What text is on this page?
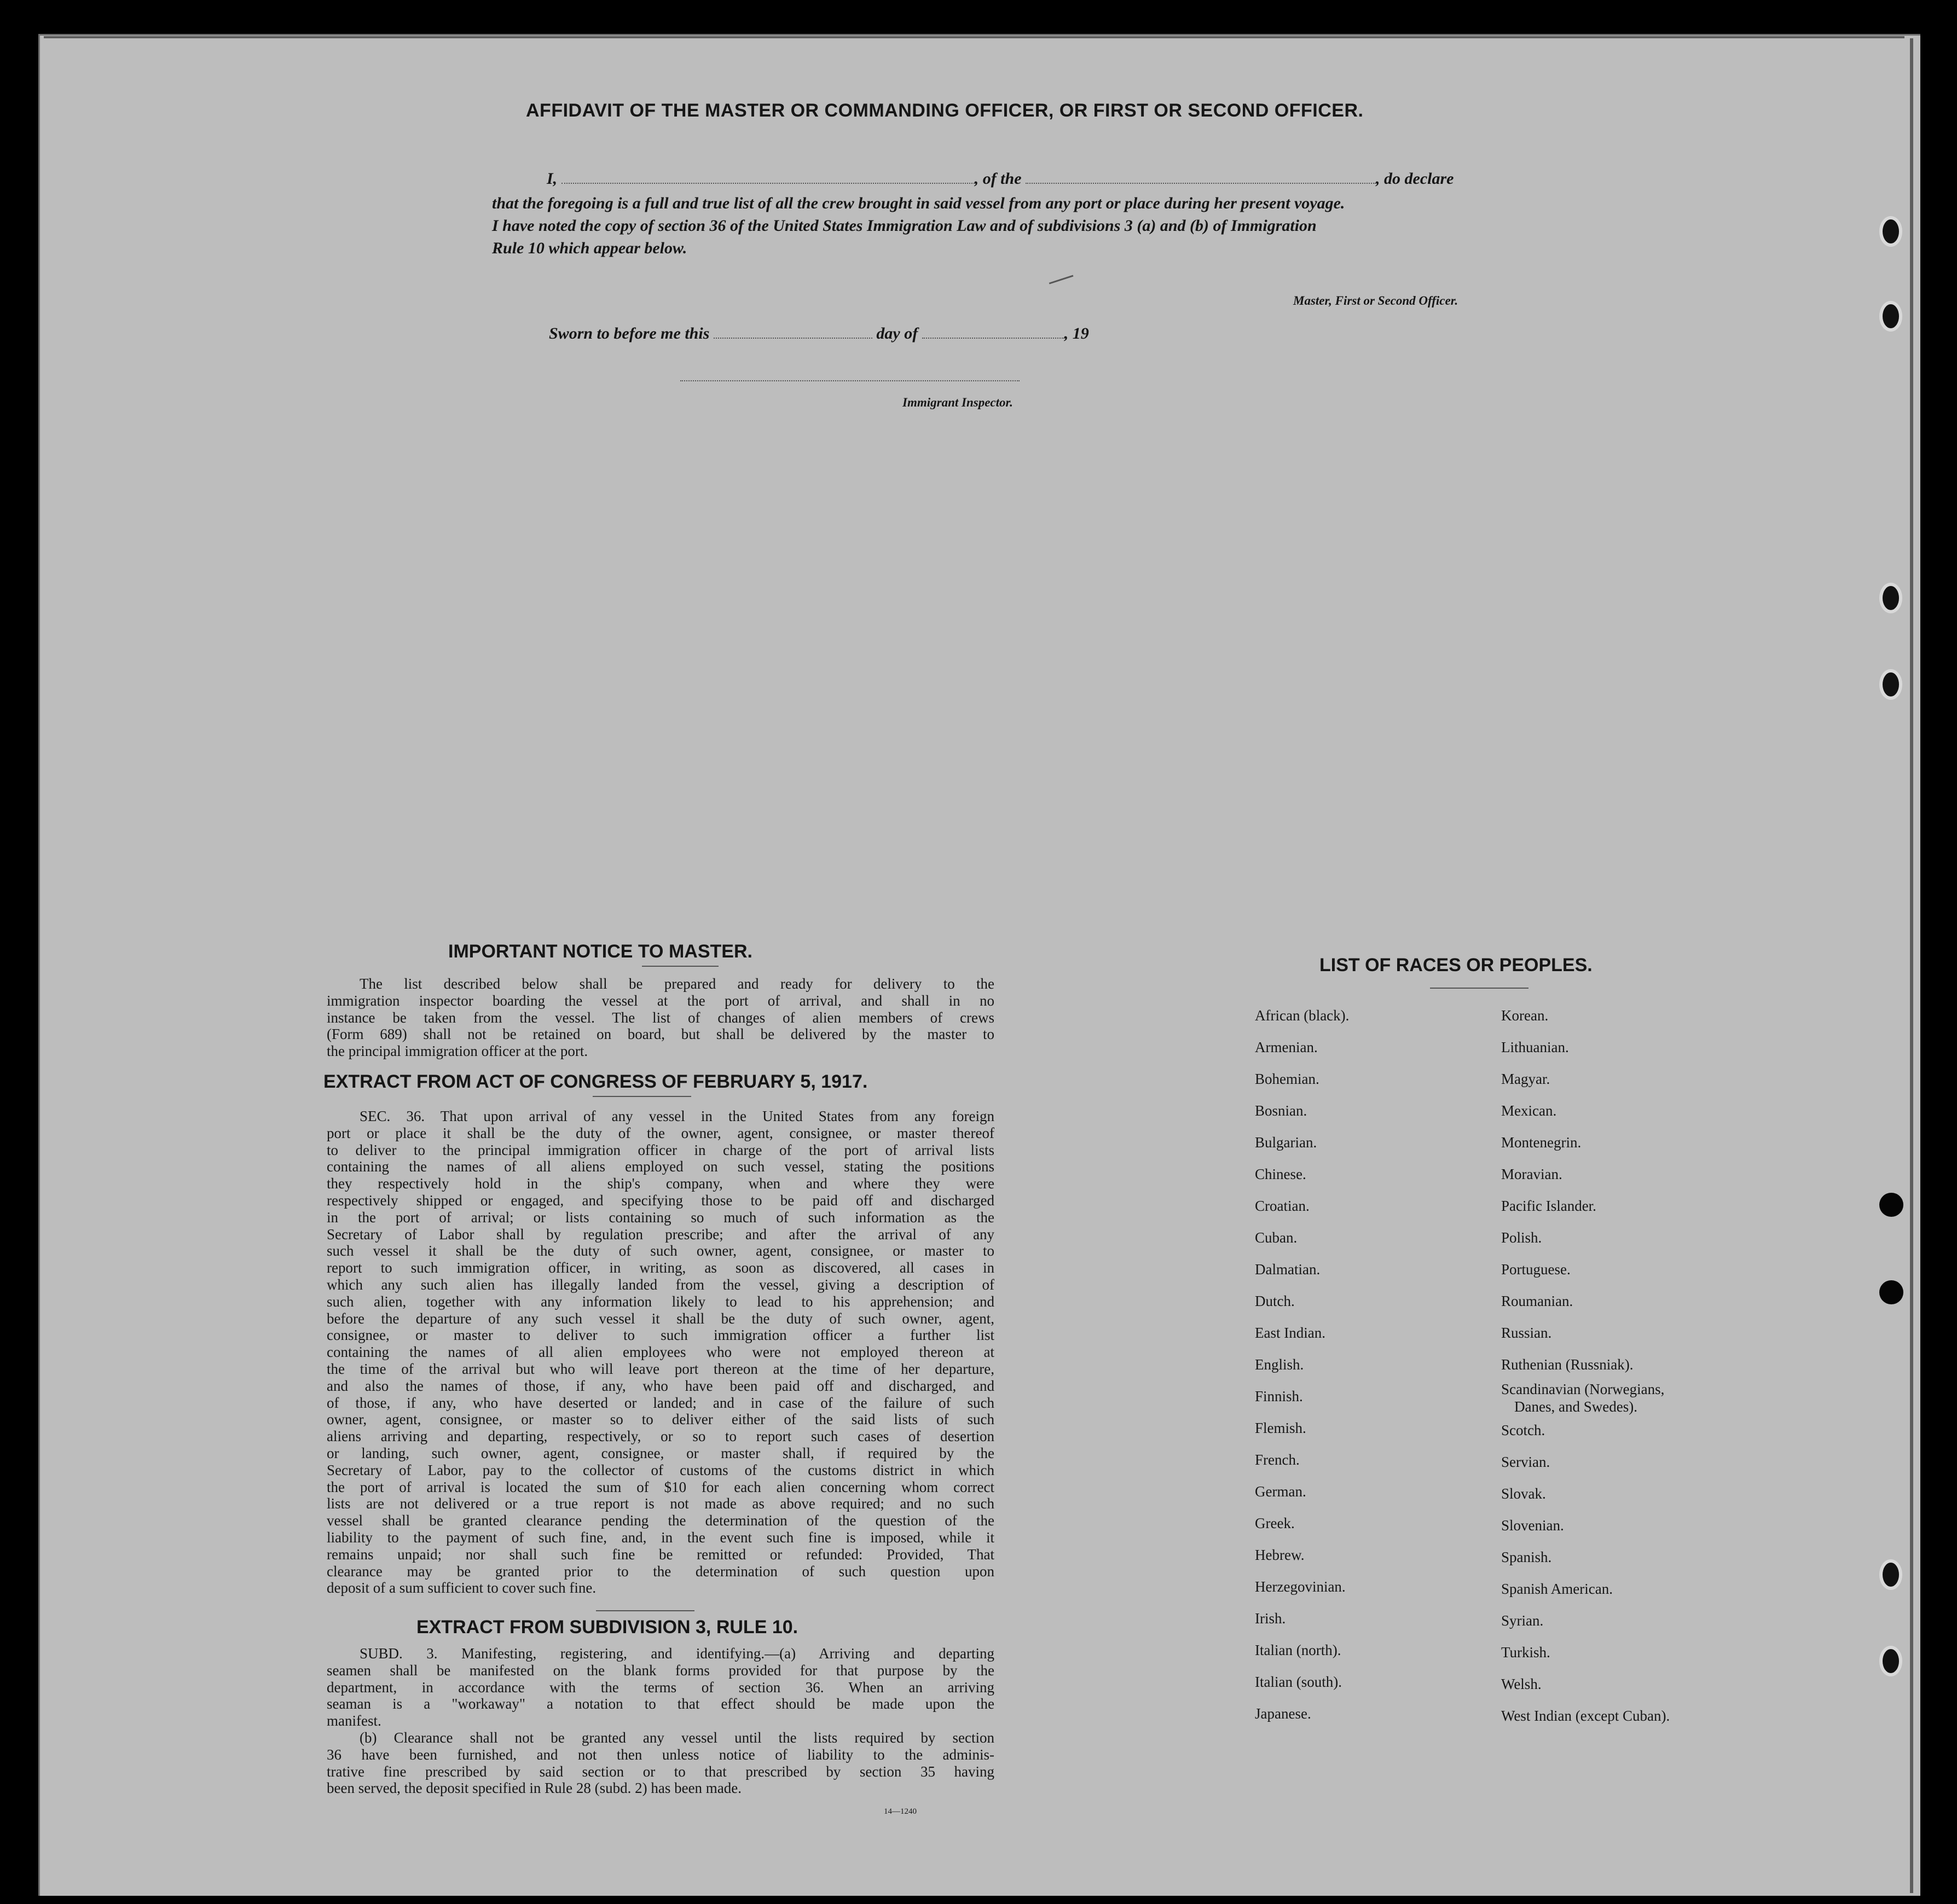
AFFIDAVIT OF THE MASTER OR COMMANDING OFFICER, OR FIRST OR SECOND OFFICER.
I,	, of the	, do declare
that the foregoing is a full and true list of all the crew brought in said vessel from any port or place during her present voyage.
I have noted the copy of section 36 of the United States Immigration Law and of subdivisions 3 (a) and (b) of Immigration
Rule 10 which appear below.
Master, First or Second Officer.
Sworn to before me this	day of	, 19
Immigrant Inspector.
IMPORTANT NOTICE TO MASTER.
The list described below shall be prepared and ready for delivery to the
immigration inspector boarding the vessel at the port of arrival, and shall in no
instance be taken from the vessel. The list of changes of alien members of crews
(Form 689) shall not be retained on board, but shall be delivered by the master to
the principal immigration officer at the port.
EXTRACT FROM ACT OF CONGRESS OF FEBRUARY 5, 1917.
SEC. 36. That upon arrival of any vessel in the United States from any foreign
port or place it shall be the duty of the owner, agent, consignee, or master thereof
to deliver to the principal immigration officer in charge of the port of arrival lists
containing the names of all aliens employed on such vessel, stating the positions
they respectively hold in the ship's company, when and where they were
respectively shipped or engaged, and specifying those to be paid off and discharged
in the port of arrival; or lists containing so much of such information as the
Secretary of Labor shall by regulation prescribe; and after the arrival of any
such vessel it shall be the duty of such owner, agent, consignee, or master to
report to such immigration officer, in writing, as soon as discovered, all cases in
which any such alien has illegally landed from the vessel, giving a description of
such alien, together with any information likely to lead to his apprehension; and
before the departure of any such vessel it shall be the duty of such owner, agent,
consignee, or master to deliver to such immigration officer a further list
containing the names of all alien employees who were not employed thereon at
the time of the arrival but who will leave port thereon at the time of her departure,
and also the names of those, if any, who have been paid off and discharged, and
of those, if any, who have deserted or landed; and in case of the failure of such
owner, agent, consignee, or master so to deliver either of the said lists of such
aliens arriving and departing, respectively, or so to report such cases of desertion
or landing, such owner, agent, consignee, or master shall, if required by the
Secretary of Labor, pay to the collector of customs of the customs district in which
the port of arrival is located the sum of $10 for each alien concerning whom correct
lists are not delivered or a true report is not made as above required; and no such
vessel shall be granted clearance pending the determination of the question of the
liability to the payment of such fine, and, in the event such fine is imposed, while it
remains unpaid; nor shall such fine be remitted or refunded: Provided, That
clearance may be granted prior to the determination of such question upon
deposit of a sum sufficient to cover such fine.
EXTRACT FROM SUBDIVISION 3, RULE 10.
SUBD. 3. Manifesting, registering, and identifying.—(a) Arriving and departing
seamen shall be manifested on the blank forms provided for that purpose by the
department, in accordance with the terms of section 36. When an arriving
seaman is a "workaway" a notation to that effect should be made upon the
manifest.
(b) Clearance shall not be granted any vessel until the lists required by section
36 have been furnished, and not then unless notice of liability to the adminis-
trative fine prescribed by said section or to that prescribed by section 35 having
been served, the deposit specified in Rule 28 (subd. 2) has been made.
14—1240
LIST OF RACES OR PEOPLES.
African (black).
Armenian.
Bohemian.
Bosnian.
Bulgarian.
Chinese.
Croatian.
Cuban.
Dalmatian.
Dutch.
East Indian.
English.
Finnish.
Flemish.
French.
German.
Greek.
Hebrew.
Herzegovinian.
Irish.
Italian (north).
Italian (south).
Japanese.
Korean.
Lithuanian.
Magyar.
Mexican.
Montenegrin.
Moravian.
Pacific Islander.
Polish.
Portuguese.
Roumanian.
Russian.
Ruthenian (Russniak).
Scandinavian (Norwegians,
Danes, and Swedes).
Scotch.
Servian.
Slovak.
Slovenian.
Spanish.
Spanish American.
Syrian.
Turkish.
Welsh.
West Indian (except Cuban).
